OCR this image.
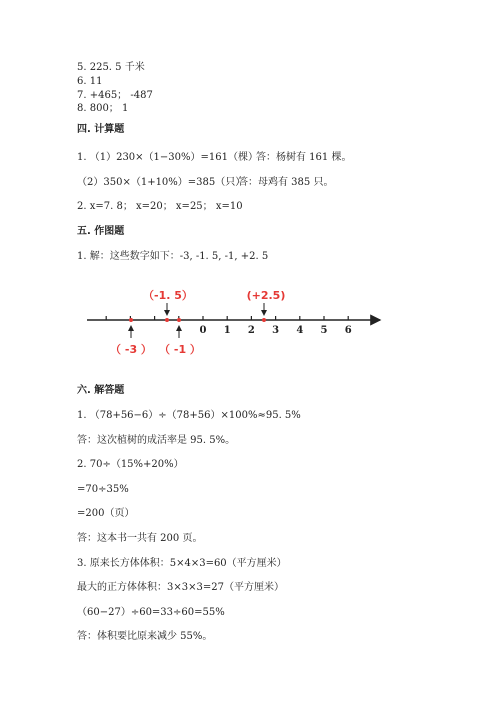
5. 225. 5 千米
6. 11
7. +465； -487
8. 800； 1
四. 计算题
1. （1）230×（1−30%）=161（棵）
答：杨树有 161 棵。
（2）350×（1+10%）=385（只）
答：母鸡有 385 只。
2. x=7. 8； x=20； x=25； x=10
五. 作图题
1. 解：这些数字如下：-3, -1. 5, -1, +2. 5
0 1 2 3 4 5 6
（-1. 5）	(+2.5)
（ -3 ） （ -1 ）
六. 解答题
1. （78+56−6）÷（78+56）×100%≈95. 5%
答：这次植树的成活率是 95. 5%。
2. 70÷（15%+20%）
=70÷35%
=200（页）
答：这本书一共有 200 页。
3. 原来长方体体积：5×4×3=60（平方厘米）
最大的正方体体积：3×3×3=27（平方厘米）
（60−27）÷60=33÷60=55%
答：体积要比原来减少 55%。
